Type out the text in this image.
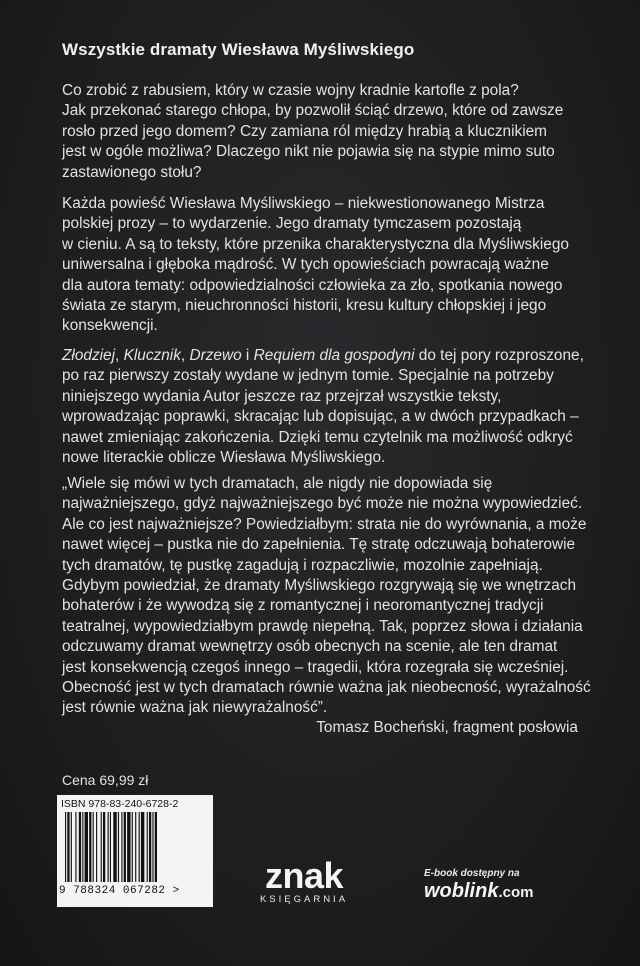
Wszystkie dramaty Wiesława Myśliwskiego
Co zrobić z rabusiem, który w czasie wojny kradnie kartofle z pola?
Jak przekonać starego chłopa, by pozwolił ściąć drzewo, które od zawsze
rosło przed jego domem? Czy zamiana ról między hrabią a klucznikiem
jest w ogóle możliwa? Dlaczego nikt nie pojawia się na stypie mimo suto
zastawionego stołu?
Każda powieść Wiesława Myśliwskiego – niekwestionowanego Mistrza
polskiej prozy – to wydarzenie. Jego dramaty tymczasem pozostają
w cieniu. A są to teksty, które przenika charakterystyczna dla Myśliwskiego
uniwersalna i głęboka mądrość. W tych opowieściach powracają ważne
dla autora tematy: odpowiedzialności człowieka za zło, spotkania nowego
świata ze starym, nieuchronności historii, kresu kultury chłopskiej i jego
konsekwencji.
Złodziej, Klucznik, Drzewo i Requiem dla gospodyni do tej pory rozproszone,
po raz pierwszy zostały wydane w jednym tomie. Specjalnie na potrzeby
niniejszego wydania Autor jeszcze raz przejrzał wszystkie teksty,
wprowadzając poprawki, skracając lub dopisując, a w dwóch przypadkach –
nawet zmieniając zakończenia. Dzięki temu czytelnik ma możliwość odkryć
nowe literackie oblicze Wiesława Myśliwskiego.
„Wiele się mówi w tych dramatach, ale nigdy nie dopowiada się
najważniejszego, gdyż najważniejszego być może nie można wypowiedzieć.
Ale co jest najważniejsze? Powiedziałbym: strata nie do wyrównania, a może
nawet więcej – pustka nie do zapełnienia. Tę stratę odczuwają bohaterowie
tych dramatów, tę pustkę zagadują i rozpaczliwie, mozolnie zapełniają.
Gdybym powiedział, że dramaty Myśliwskiego rozgrywają się we wnętrzach
bohaterów i że wywodzą się z romantycznej i neoromantycznej tradycji
teatralnej, wypowiedziałbym prawdę niepełną. Tak, poprzez słowa i działania
odczuwamy dramat wewnętrzy osób obecnych na scenie, ale ten dramat
jest konsekwencją czegoś innego – tragedii, która rozegrała się wcześniej.
Obecność jest w tych dramatach równie ważna jak nieobecność, wyrażalność
jest równie ważna jak niewyrażalność”.
Tomasz Bocheński, fragment posłowia
Cena 69,99 zł
ISBN 978-83-240-6728-2
9 788324 067282 >	znak
KSIĘGARNIA
E-book dostępny na
woblink.com
